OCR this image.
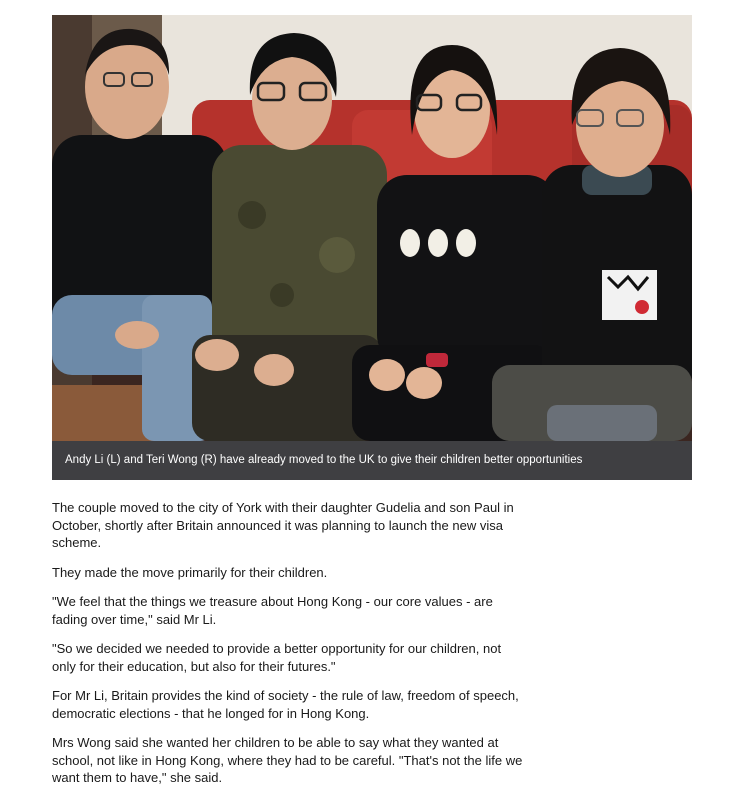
Andy Li (L) and Teri Wong (R) have already moved to the UK to give their children better opportunities

The couple moved to the city of York with their daughter Gudelia and son Paul in October, shortly after Britain announced it was planning to launch the new visa scheme.

They made the move primarily for their children.

"We feel that the things we treasure about Hong Kong - our core values - are fading over time," said Mr Li.

"So we decided we needed to provide a better opportunity for our children, not only for their education, but also for their futures."

For Mr Li, Britain provides the kind of society - the rule of law, freedom of speech, democratic elections - that he longed for in Hong Kong.

Mrs Wong said she wanted her children to be able to say what they wanted at school, not like in Hong Kong, where they had to be careful. "That's not the life we want them to have," she said.
